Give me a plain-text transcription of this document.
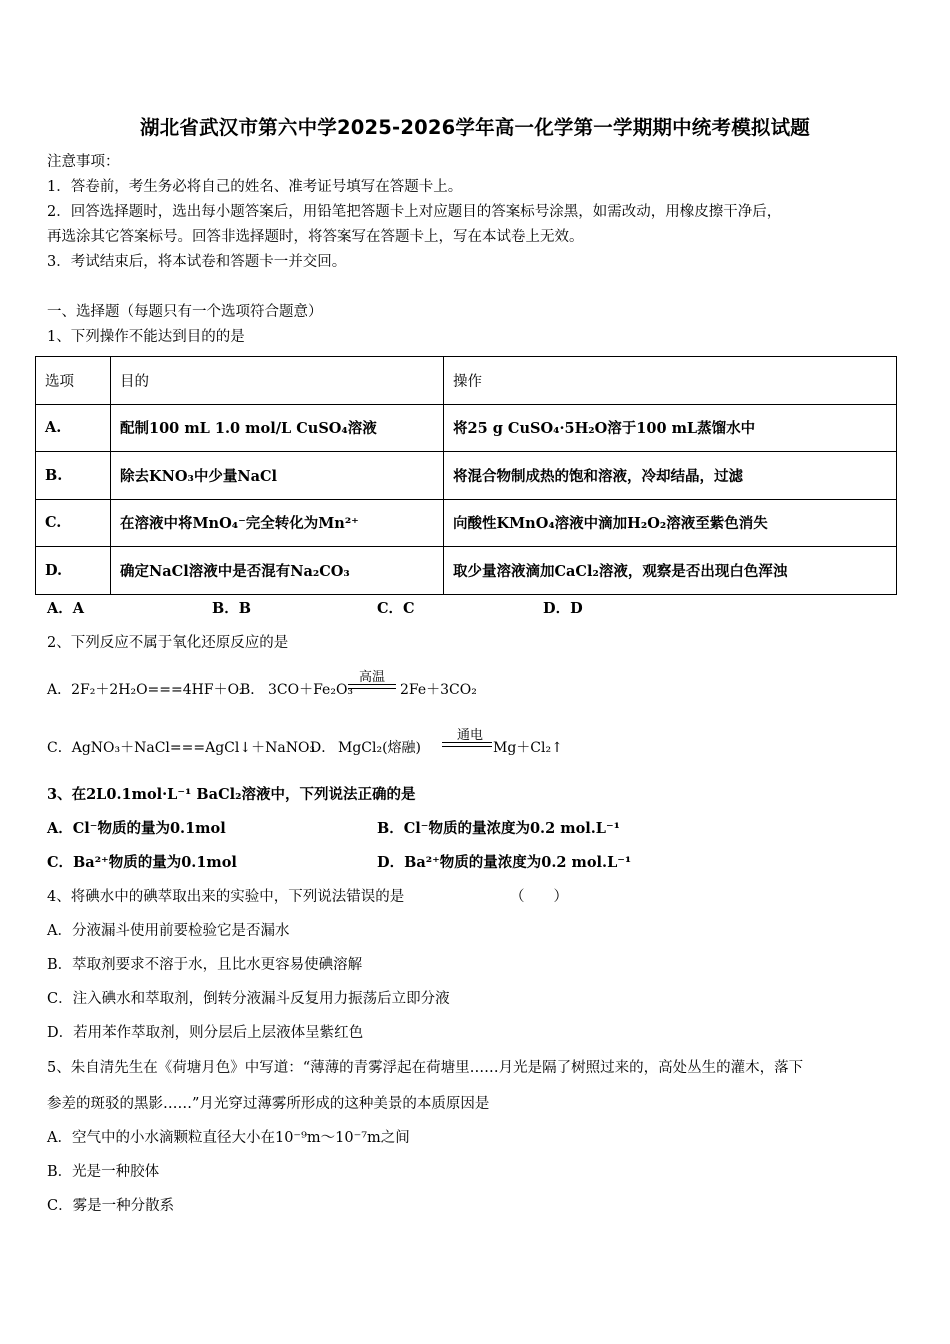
湖北省武汉市第六中学2025-2026学年高一化学第一学期期中统考模拟试题
注意事项：
1．答卷前，考生务必将自己的姓名、准考证号填写在答题卡上。
2．回答选择题时，选出每小题答案后，用铅笔把答题卡上对应题目的答案标号涂黑，如需改动，用橡皮擦干净后，
再选涂其它答案标号。回答非选择题时，将答案写在答题卡上，写在本试卷上无效。
3．考试结束后，将本试卷和答题卡一并交回。
一、选择题（每题只有一个选项符合题意）
1、下列操作不能达到目的的是
选项	目的	操作
A.	配制100 mL 1.0 mol/L CuSO₄溶液	将25 g CuSO₄·5H₂O溶于100 mL蒸馏水中
B.	除去KNO₃中少量NaCl	将混合物制成热的饱和溶液，冷却结晶，过滤
C.	在溶液中将MnO₄⁻完全转化为Mn²⁺	向酸性KMnO₄溶液中滴加H₂O₂溶液至紫色消失
D.	确定NaCl溶液中是否混有Na₂CO₃	取少量溶液滴加CaCl₂溶液，观察是否出现白色浑浊
A．A	B．B	C．C	D．D
2、下列反应不属于氧化还原反应的是
A．2F₂＋2H₂O===4HF＋O₂
B． 3CO＋Fe₂O₃
高温
2Fe＋3CO₂
C．AgNO₃＋NaCl===AgCl↓＋NaNO₃
D． MgCl₂(熔融)
通电
Mg＋Cl₂↑
3、在2L0.1mol·L⁻¹ BaCl₂溶液中，下列说法正确的是
A．Cl⁻物质的量为0.1mol	B．Cl⁻物质的量浓度为0.2 mol.L⁻¹
C．Ba²⁺物质的量为0.1mol	D．Ba²⁺物质的量浓度为0.2 mol.L⁻¹
4、将碘水中的碘萃取出来的实验中，下列说法错误的是	（　　）
A．分液漏斗使用前要检验它是否漏水
B．萃取剂要求不溶于水，且比水更容易使碘溶解
C．注入碘水和萃取剂，倒转分液漏斗反复用力振荡后立即分液
D．若用苯作萃取剂，则分层后上层液体呈紫红色
5、朱自清先生在《荷塘月色》中写道：“薄薄的青雾浮起在荷塘里……月光是隔了树照过来的，高处丛生的灌木，落下
参差的斑驳的黑影……”月光穿过薄雾所形成的这种美景的本质原因是
A．空气中的小水滴颗粒直径大小在10⁻⁹m～10⁻⁷m之间
B．光是一种胶体
C．雾是一种分散系
